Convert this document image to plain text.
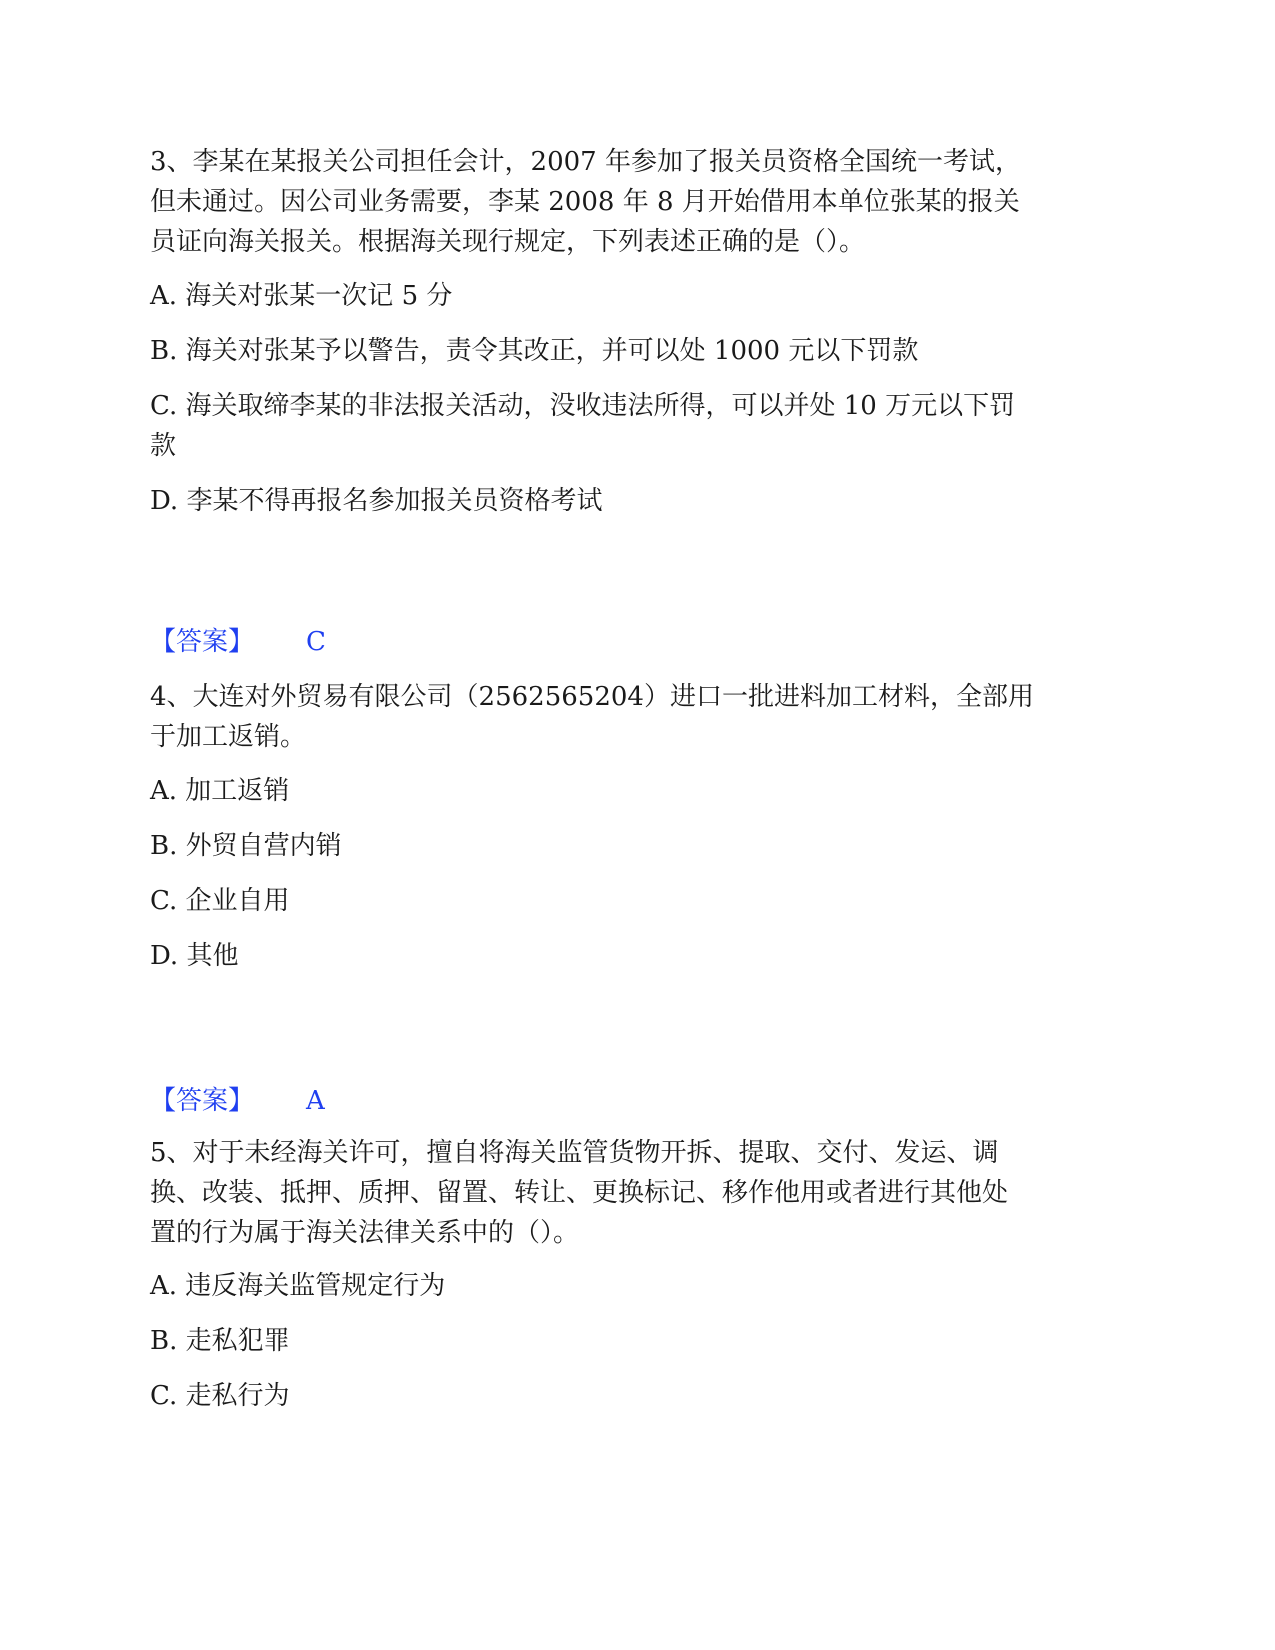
3、李某在某报关公司担任会计，2007 年参加了报关员资格全国统一考试，

但未通过。因公司业务需要，李某 2008 年 8 月开始借用本单位张某的报关

员证向海关报关。根据海关现行规定，下列表述正确的是（）。

A. 海关对张某一次记 5 分

B. 海关对张某予以警告，责令其改正，并可以处 1000 元以下罚款

C. 海关取缔李某的非法报关活动，没收违法所得，可以并处 10 万元以下罚

款

D. 李某不得再报名参加报关员资格考试

【答案】 C

4、大连对外贸易有限公司（2562565204）进口一批进料加工材料，全部用

于加工返销。

A. 加工返销

B. 外贸自营内销

C. 企业自用

D. 其他

【答案】 A

5、对于未经海关许可，擅自将海关监管货物开拆、提取、交付、发运、调

换、改装、抵押、质押、留置、转让、更换标记、移作他用或者进行其他处

置的行为属于海关法律关系中的（）。

A. 违反海关监管规定行为

B. 走私犯罪

C. 走私行为
